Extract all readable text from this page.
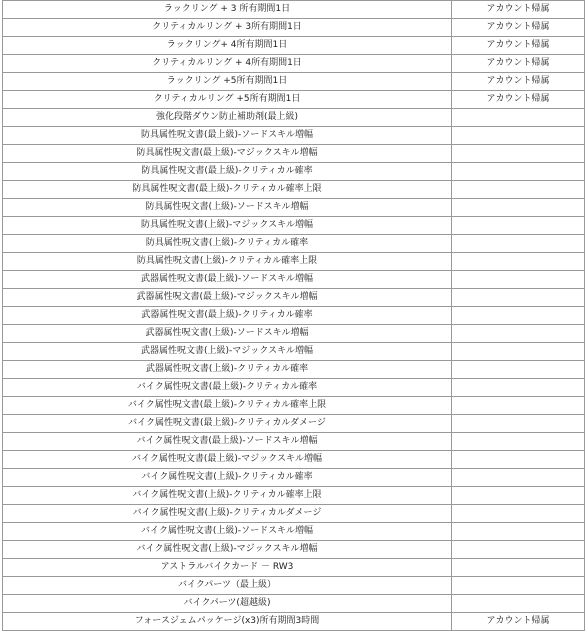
ラックリング + 3 所有期間1日	アカウント帰属
クリティカルリング + 3所有期間1日	アカウント帰属
ラックリング+ 4所有期間1日	アカウント帰属
クリティカルリング + 4所有期間1日	アカウント帰属
ラックリング +5所有期間1日	アカウント帰属
クリティカルリング +5所有期間1日	アカウント帰属
強化段階ダウン防止補助剤(最上級)	
防具属性呪文書(最上級)-ソードスキル増幅	
防具属性呪文書(最上級)-マジックスキル増幅	
防具属性呪文書(最上級)-クリティカル確率	
防具属性呪文書(最上級)-クリティカル確率上限	
防具属性呪文書(上級)-ソードスキル増幅	
防具属性呪文書(上級)-マジックスキル増幅	
防具属性呪文書(上級)-クリティカル確率	
防具属性呪文書(上級)-クリティカル確率上限	
武器属性呪文書(最上級)-ソードスキル増幅	
武器属性呪文書(最上級)-マジックスキル増幅	
武器属性呪文書(最上級)-クリティカル確率	
武器属性呪文書(上級)-ソードスキル増幅	
武器属性呪文書(上級)-マジックスキル増幅	
武器属性呪文書(上級)-クリティカル確率	
バイク属性呪文書(最上級)-クリティカル確率	
バイク属性呪文書(最上級)-クリティカル確率上限	
バイク属性呪文書(最上級)-クリティカルダメージ	
バイク属性呪文書(最上級)-ソードスキル増幅	
バイク属性呪文書(最上級)-マジックスキル増幅	
バイク属性呪文書(上級)-クリティカル確率	
バイク属性呪文書(上級)-クリティカル確率上限	
バイク属性呪文書(上級)-クリティカルダメージ	
バイク属性呪文書(上級)-ソードスキル増幅	
バイク属性呪文書(上級)-マジックスキル増幅	
アストラルバイクカード － RW3	
バイクパーツ（最上級）	
バイクパーツ(超越級)	
フォースジェムパッケージ(x3)所有期間3時間	アカウント帰属
